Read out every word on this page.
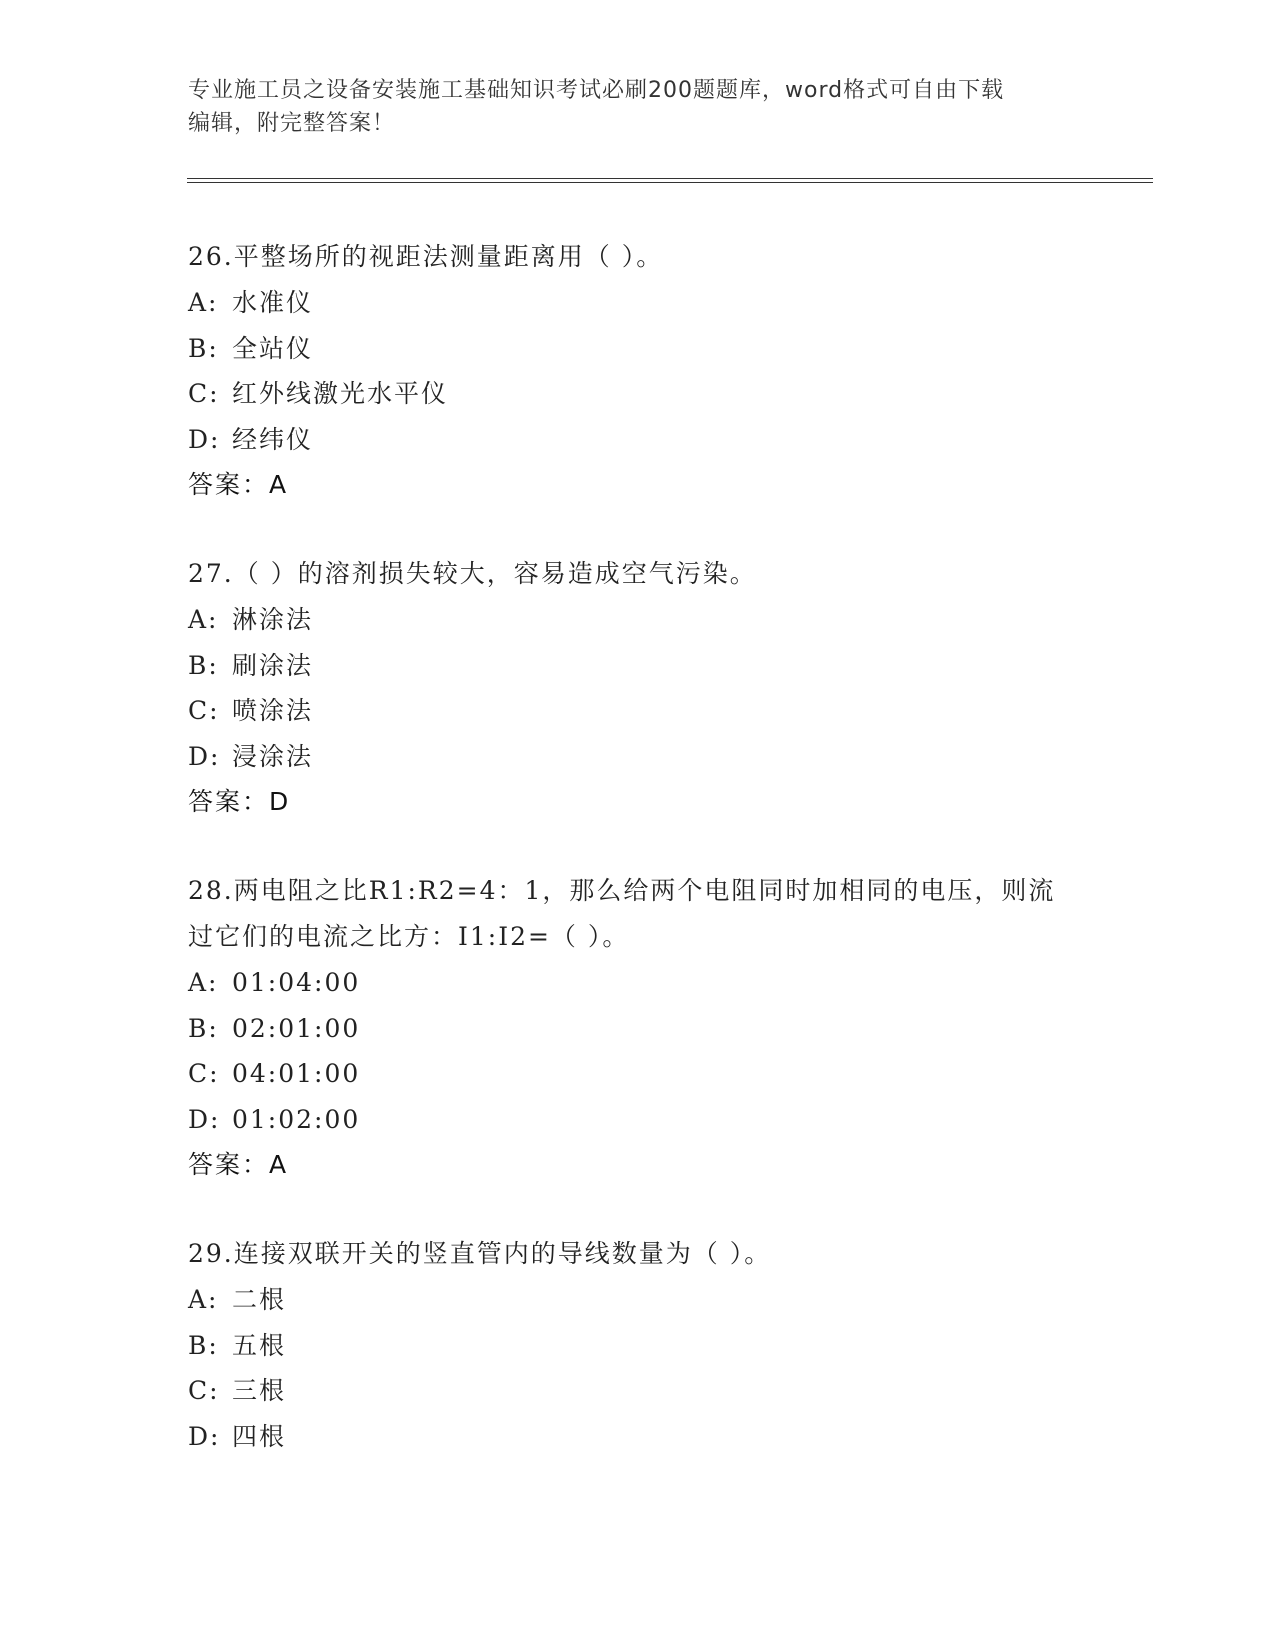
专业施工员之设备安装施工基础知识考试必刷200题题库，word格式可自由下载
编辑，附完整答案！
26.平整场所的视距法测量距离用（ ）。
A: 水准仪
B: 全站仪
C: 红外线激光水平仪
D: 经纬仪
答案：A
27.（ ）的溶剂损失较大，容易造成空气污染。
A: 淋涂法
B: 刷涂法
C: 喷涂法
D: 浸涂法
答案：D
28.两电阻之比R1:R2=4：1，那么给两个电阻同时加相同的电压，则流
过它们的电流之比方：I1:I2=（ ）。
A: 01:04:00
B: 02:01:00
C: 04:01:00
D: 01:02:00
答案：A
29.连接双联开关的竖直管内的导线数量为（ ）。
A: 二根
B: 五根
C: 三根
D: 四根
